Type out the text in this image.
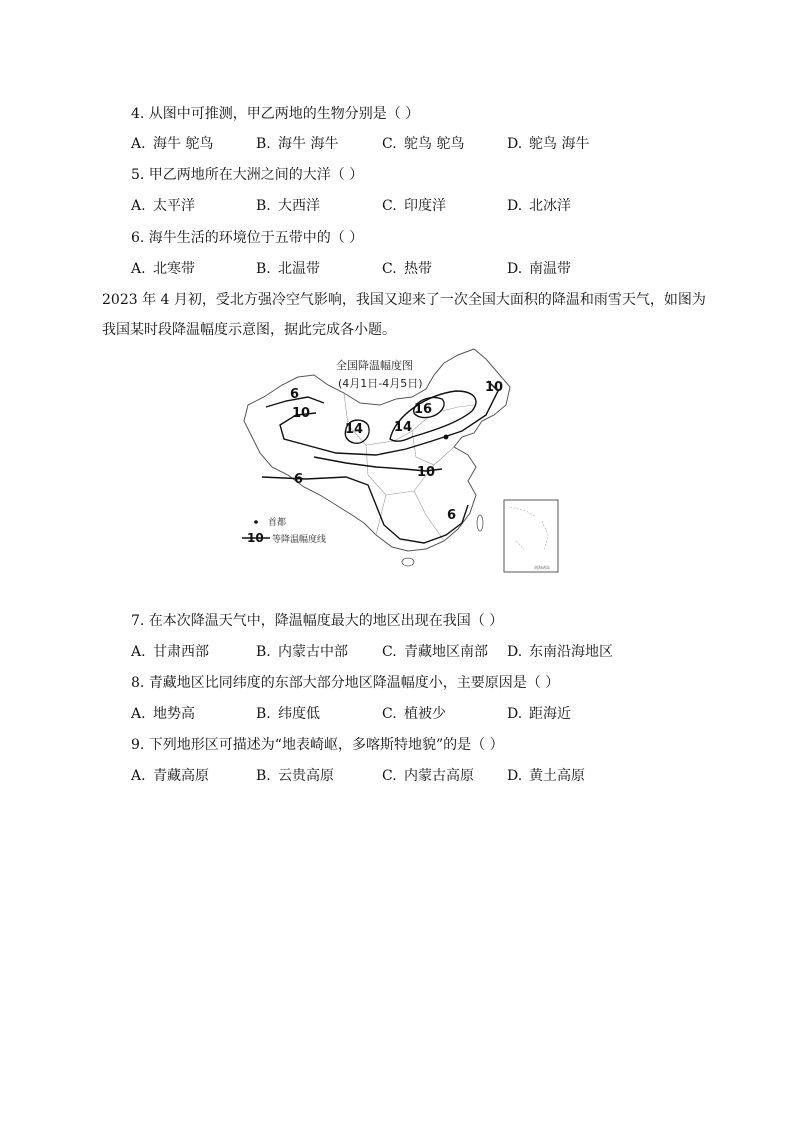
4. 从图中可推测，甲乙两地的生物分别是（ ）
A. 海牛 鸵鸟	B. 海牛 海牛	C. 鸵鸟 鸵鸟	D. 鸵鸟 海牛
5. 甲乙两地所在大洲之间的大洋（ ）
A. 太平洋	B. 大西洋	C. 印度洋	D. 北冰洋
6. 海牛生活的环境位于五带中的（ ）
A. 北寒带	B. 北温带	C. 热带	D. 南温带
2023 年 4 月初，受北方强冷空气影响，我国又迎来了一次全国大面积的降温和雨雪天气，如图为
我国某时段降温幅度示意图，据此完成各小题。
全国降温幅度图
(4月1日-4月5日)
6
10
14 14
16
10
10
6
6
首都
10 等降温幅度线
南海诸岛
7. 在本次降温天气中，降温幅度最大的地区出现在我国（ ）
A. 甘肃西部	B. 内蒙古中部 C. 青藏地区南部 D. 东南沿海地区
8. 青藏地区比同纬度的东部大部分地区降温幅度小，主要原因是（ ）
A. 地势高	B. 纬度低	C. 植被少	D. 距海近
9. 下列地形区可描述为“地表崎岖，多喀斯特地貌”的是（ ）
A. 青藏高原	B. 云贵高原	C. 内蒙古高原 D. 黄土高原
